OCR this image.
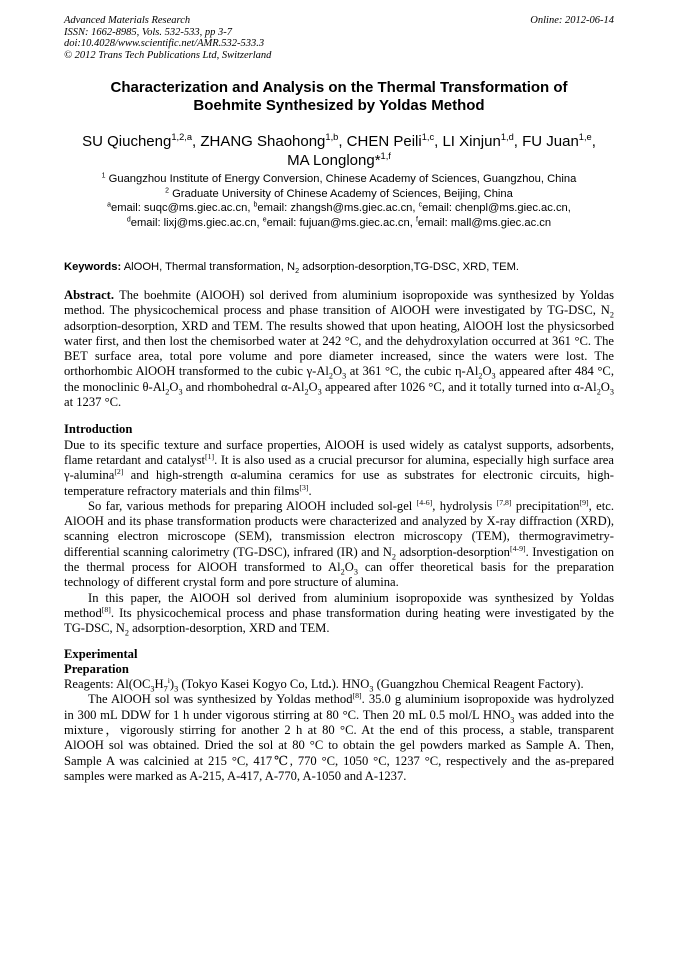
Advanced Materials Research
ISSN: 1662-8985, Vols. 532-533, pp 3-7
doi:10.4028/www.scientific.net/AMR.532-533.3
© 2012 Trans Tech Publications Ltd, Switzerland
Online: 2012-06-14
Characterization and Analysis on the Thermal Transformation of
Boehmite Synthesized by Yoldas Method
SU Qiucheng$^{1,2,a}$, ZHANG Shaohong$^{1,b}$, CHEN Peili$^{1,c}$, LI Xinjun$^{1,d}$, FU Juan$^{1,e}$,
MA Longlong*$^{1,f}$
$^1$ Guangzhou Institute of Energy Conversion, Chinese Academy of Sciences, Guangzhou, China
$^2$ Graduate University of Chinese Academy of Sciences, Beijing, China
$^a$email: suqc@ms.giec.ac.cn, $^b$email: zhangsh@ms.giec.ac.cn, $^c$email: chenpl@ms.giec.ac.cn,
$^d$email: lixj@ms.giec.ac.cn, $^e$email: fujuan@ms.giec.ac.cn, $^f$email: mall@ms.giec.ac.cn
Keywords: AlOOH, Thermal transformation, $N_2$ adsorption-desorption,TG-DSC, XRD, TEM.

Abstract. The boehmite (AlOOH) sol derived from aluminium isopropoxide was synthesized by Yoldas method. The physicochemical process and phase transition of AlOOH were investigated by TG-DSC, $N_2$ adsorption-desorption, XRD and TEM. The results showed that upon heating, AlOOH lost the physicsorbed water first, and then lost the chemisorbed water at 242 °C, and the dehydroxylation occurred at 361 °C. The BET surface area, total pore volume and pore diameter increased, since the waters were lost. The orthorhombic AlOOH transformed to the cubic $\gamma-Al_2O_3$ at 361 °C, the cubic $\eta-Al_2O_3$ appeared after 484 °C, the monoclinic $\theta-Al_2O_3$ and rhombohedral $\alpha-Al_2O_3$ appeared after 1026 °C, and it totally turned into $\alpha-Al_2O_3$ at 1237 °C.

Introduction

Due to its specific texture and surface properties, AlOOH is used widely as catalyst supports, adsorbents, flame retardant and catalyst[1]. It is also used as a crucial precursor for alumina, especially high surface area γ-alumina[2] and high-strength α-alumina ceramics for use as substrates for electronic circuits, high-temperature refractory materials and thin films[3].

So far, various methods for preparing AlOOH included sol-gel [4-6], hydrolysis [7,8] precipitation[9], etc. AlOOH and its phase transformation products were characterized and analyzed by X-ray diffraction (XRD), scanning electron microscope (SEM), transmission electron microscopy (TEM), thermogravimetry-differential scanning calorimetry (TG-DSC), infrared (IR) and $N_2$ adsorption-desorption[4-9]. Investigation on the thermal process for AlOOH transformed to $Al_2O_3$ can offer theoretical basis for the preparation technology of different crystal form and pore structure of alumina.

In this paper, the AlOOH sol derived from aluminium isopropoxide was synthesized by Yoldas method[8]. Its physicochemical process and phase transformation during heating were investigated by the TG-DSC, $N_2$ adsorption-desorption, XRD and TEM.

Experimental

Preparation

Reagents: $Al(OC_3H_7^i)_3$ (Tokyo Kasei Kogyo Co, Ltd.). $HNO_3$ (Guangzhou Chemical Reagent Factory).

The AlOOH sol was synthesized by Yoldas method[8]. 35.0 g aluminium isopropoxide was hydrolyzed in 300 mL DDW for 1 h under vigorous stirring at 80 °C. Then 20 mL 0.5 mol/L $HNO_3$ was added into the mixture，vigorously stirring for another 2 h at 80 °C. At the end of this process, a stable, transparent AlOOH sol was obtained. Dried the sol at 80 °C to obtain the gel powders marked as Sample A. Then, Sample A was calcinied at 215 °C, 417℃, 770 °C, 1050 °C, 1237 °C, respectively and the as-prepared samples were marked as A-215, A-417, A-770, A-1050 and A-1237.
